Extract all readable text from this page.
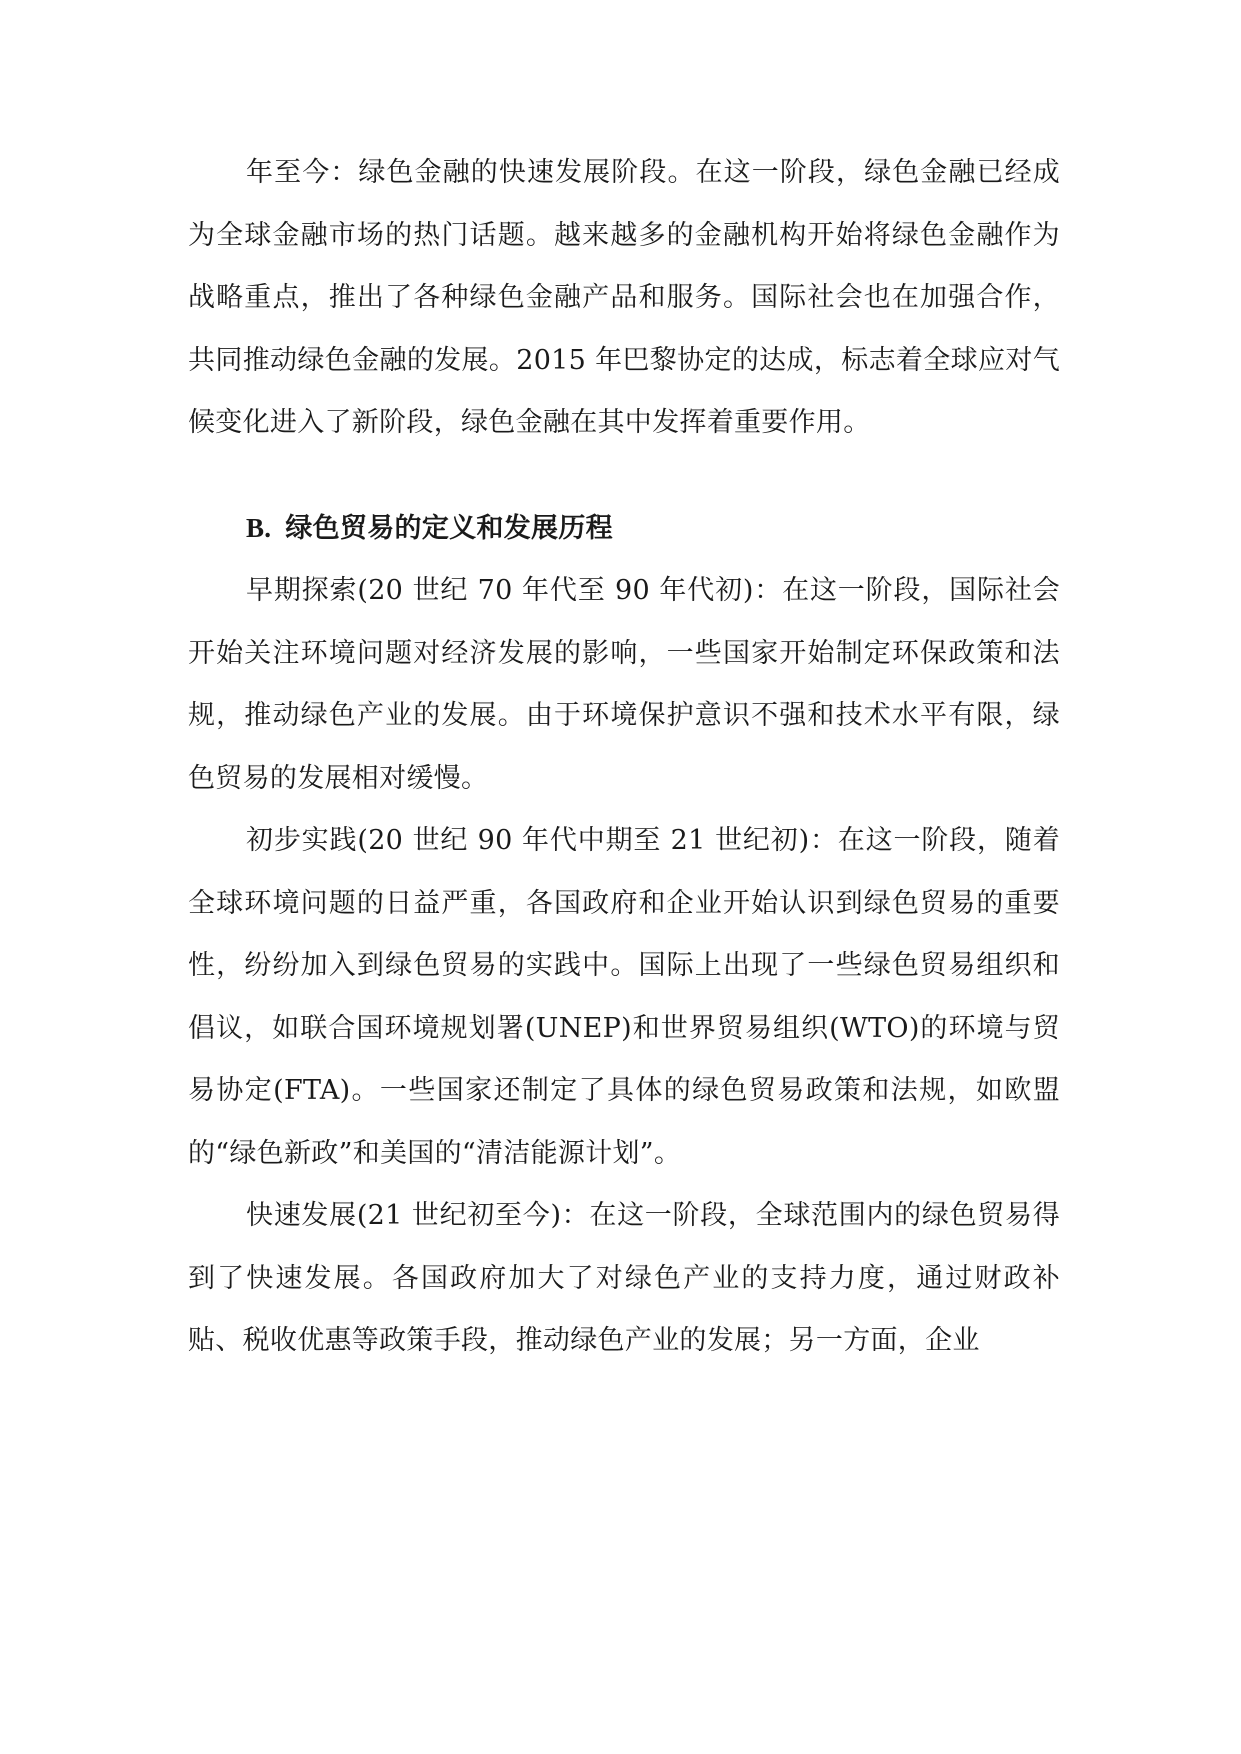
年至今：绿色金融的快速发展阶段。在这一阶段，绿色金融已经成为全球金融市场的热门话题。越来越多的金融机构开始将绿色金融作为战略重点，推出了各种绿色金融产品和服务。国际社会也在加强合作，共同推动绿色金融的发展。2015 年巴黎协定的达成，标志着全球应对气候变化进入了新阶段，绿色金融在其中发挥着重要作用。

B. 绿色贸易的定义和发展历程

早期探索(20 世纪 70 年代至 90 年代初)：在这一阶段，国际社会开始关注环境问题对经济发展的影响，一些国家开始制定环保政策和法规，推动绿色产业的发展。由于环境保护意识不强和技术水平有限，绿色贸易的发展相对缓慢。

初步实践(20 世纪 90 年代中期至 21 世纪初)：在这一阶段，随着全球环境问题的日益严重，各国政府和企业开始认识到绿色贸易的重要性，纷纷加入到绿色贸易的实践中。国际上出现了一些绿色贸易组织和倡议，如联合国环境规划署(UNEP)和世界贸易组织(WTO)的环境与贸易协定(FTA)。一些国家还制定了具体的绿色贸易政策和法规，如欧盟的“绿色新政”和美国的“清洁能源计划”。

快速发展(21 世纪初至今)：在这一阶段，全球范围内的绿色贸易得到了快速发展。各国政府加大了对绿色产业的支持力度，通过财政补贴、税收优惠等政策手段，推动绿色产业的发展；另一方面，企业
